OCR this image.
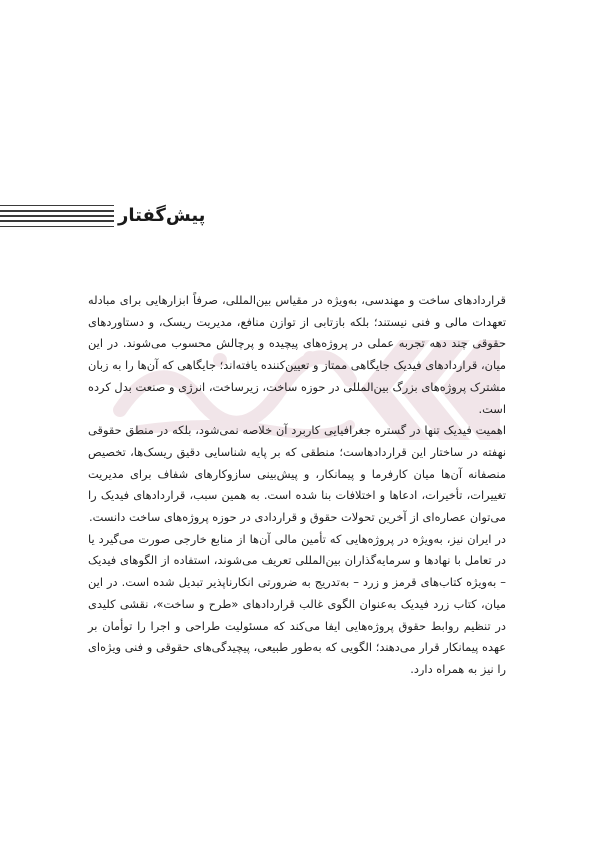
پیش‌گفتار

قراردادهای ساخت و مهندسی، به‌ویژه در مقیاس بین‌المللی، صرفاً ابزارهایی برای مبادله تعهدات مالی و فنی نیستند؛ بلکه بازتابی از توازن منافع، مدیریت ریسک، و دستاوردهای حقوقی چند دهه تجربه عملی در پروژه‌های پیچیده و پرچالش محسوب می‌شوند. در این میان، قراردادهای فیدیک جایگاهی ممتاز و تعیین‌کننده یافته‌اند؛ جایگاهی که آن‌ها را به زبان مشترک پروژه‌های بزرگ بین‌المللی در حوزه ساخت، زیرساخت، انرژی و صنعت بدل کرده است.

اهمیت فیدیک تنها در گستره جغرافیایی کاربرد آن خلاصه نمی‌شود، بلکه در منطق حقوقی نهفته در ساختار این قراردادهاست؛ منطقی که بر پایه شناسایی دقیق ریسک‌ها، تخصیص منصفانه آن‌ها میان کارفرما و پیمانکار، و پیش‌بینی سازوکارهای شفاف برای مدیریت تغییرات، تأخیرات، ادعاها و اختلافات بنا شده است. به همین سبب، قراردادهای فیدیک را می‌توان عصاره‌ای از آخرین تحولات حقوق و قراردادی در حوزه پروژه‌های ساخت دانست.

در ایران نیز، به‌ویژه در پروژه‌هایی که تأمین مالی آن‌ها از منابع خارجی صورت می‌گیرد یا در تعامل با نهادها و سرمایه‌گذاران بین‌المللی تعریف می‌شوند، استفاده از الگوهای فیدیک – به‌ویژه کتاب‌های قرمز و زرد – به‌تدریج به ضرورتی انکارناپذیر تبدیل شده است. در این میان، کتاب زرد فیدیک به‌عنوان الگوی غالب قراردادهای «طرح و ساخت»، نقشی کلیدی در تنظیم روابط حقوق پروژه‌هایی ایفا می‌کند که مسئولیت طراحی و اجرا را توأمان بر عهده پیمانکار قرار می‌دهند؛ الگویی که به‌طور طبیعی، پیچیدگی‌های حقوقی و فنی ویژه‌ای را نیز به همراه دارد.
